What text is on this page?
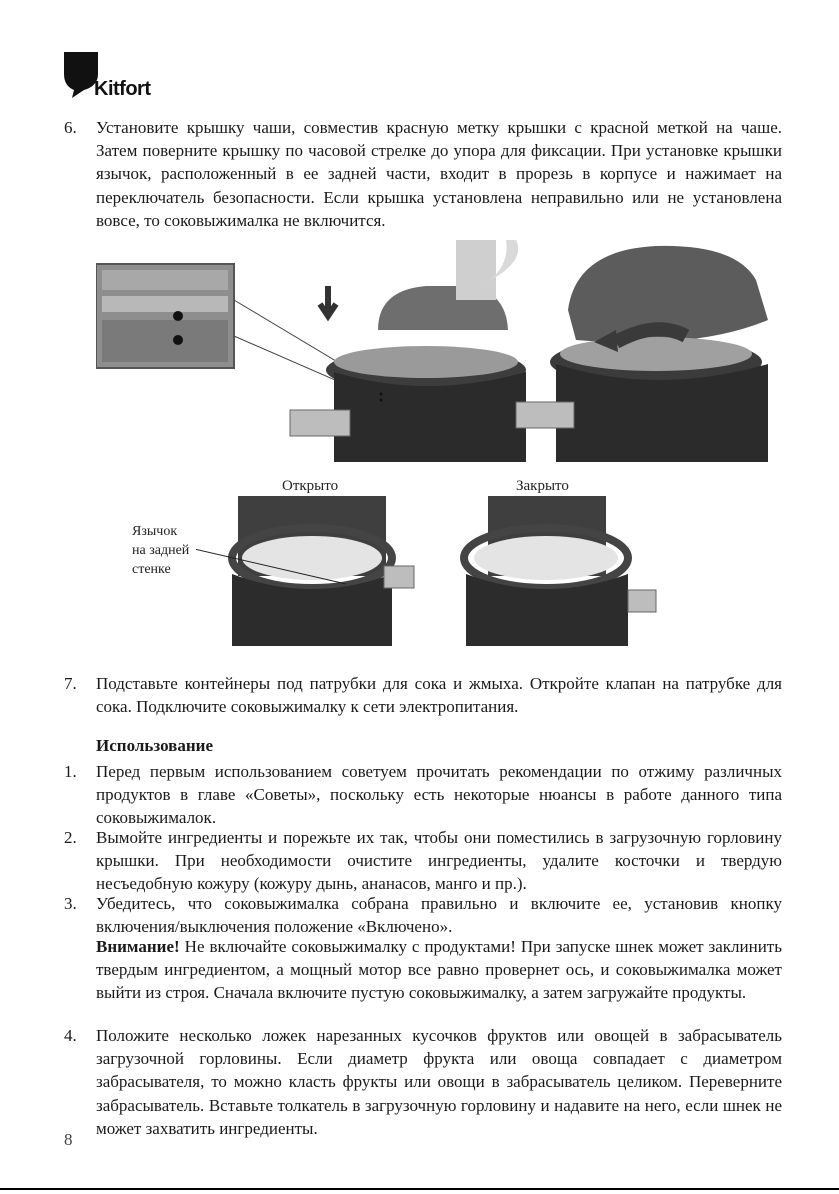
Kitfort
6.	Установите крышку чаши, совместив красную метку крышки с красной меткой на чаше. Затем поверните крышку по часовой стрелке до упора для фиксации. При установке крышки язычок, расположенный в ее задней части, входит в прорезь в корпусе и нажимает на переключатель безопасности. Если крышка установлена неправильно или не установлена вовсе, то соковыжималка не включится.
Открыто	Закрыто
Язычок
на задней
стенке
7.	Подставьте контейнеры под патрубки для сока и жмыха. Откройте клапан на патрубке для сока. Подключите соковыжималку к сети электропитания.
Использование
1.	Перед первым использованием советуем прочитать рекомендации по отжиму различных продуктов в главе «Советы», поскольку есть некоторые нюансы в работе данного типа соковыжималок.
2.	Вымойте ингредиенты и порежьте их так, чтобы они поместились в загрузочную горловину крышки. При необходимости очистите ингредиенты, удалите косточки и твердую несъедобную кожуру (кожуру дынь, ананасов, манго и пр.).
3.	Убедитесь, что соковыжималка собрана правильно и включите ее, установив кнопку включения/выключения положение «Включено».
Внимание! Не включайте соковыжималку с продуктами! При запуске шнек может заклинить твердым ингредиентом, а мощный мотор все равно провернет ось, и соковыжималка может выйти из строя. Сначала включите пустую соковыжималку, а затем загружайте продукты.
4.	Положите несколько ложек нарезанных кусочков фруктов или овощей в забрасыватель загрузочной горловины. Если диаметр фрукта или овоща совпадает с диаметром забрасывателя, то можно класть фрукты или овощи в забрасыватель целиком. Переверните забрасыватель. Вставьте толкатель в загрузочную горловину и надавите на него, если шнек не может захватить ингредиенты.
8
